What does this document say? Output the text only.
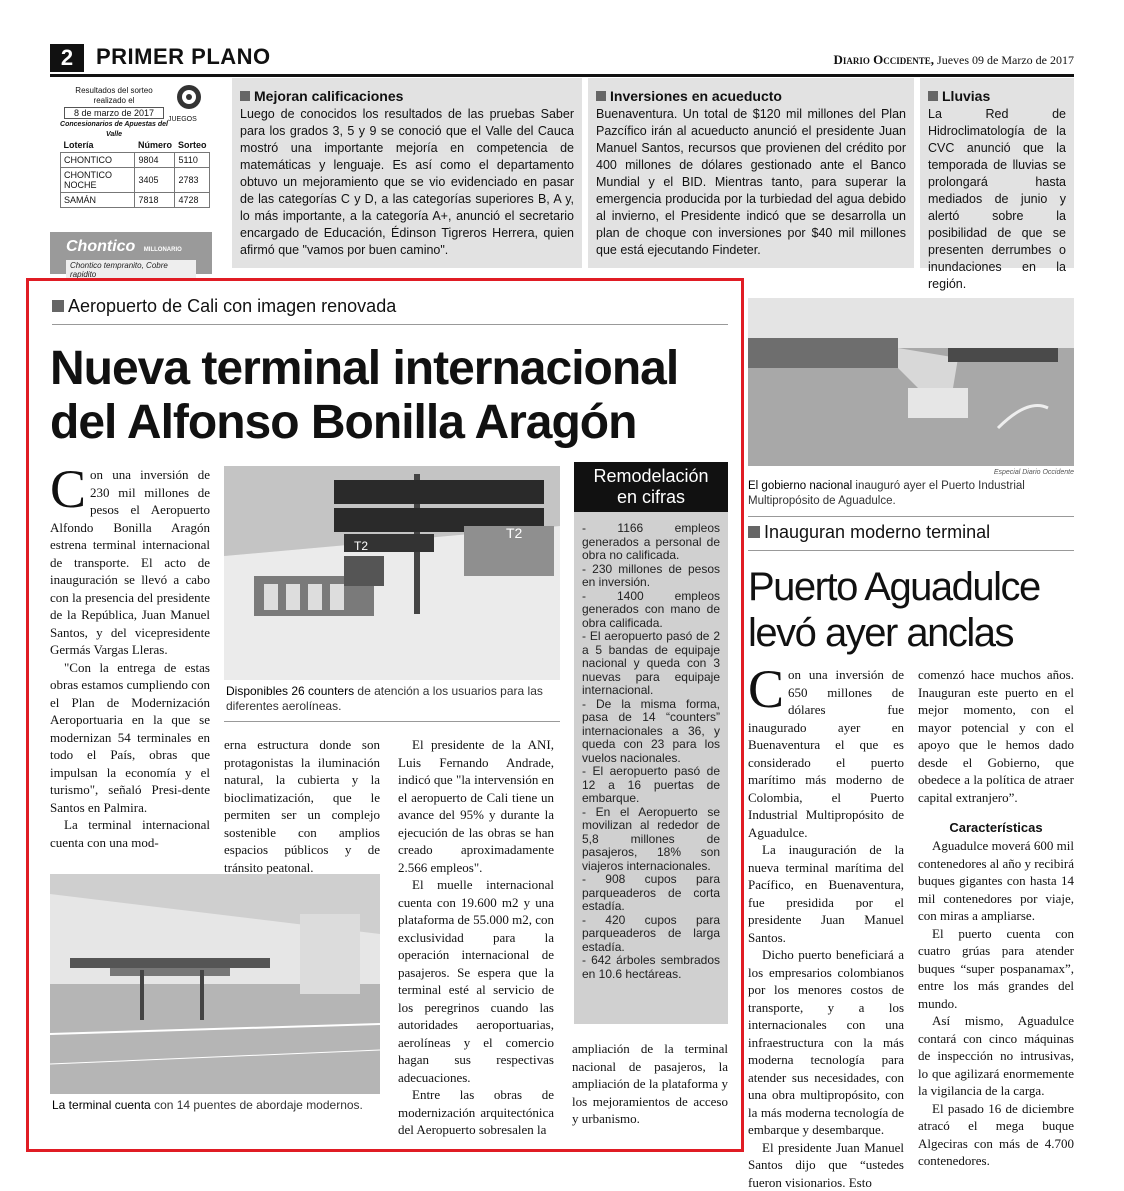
2	PRIMER PLANO	Diario Occidente, Jueves 09 de Marzo de 2017
Resultados del sorteo realizado el
8 de marzo de 2017
Concesionarios de Apuestas del Valle
JUEGOS
Lotería	Número	Sorteo
CHONTICO	9804	5110
CHONTICO NOCHE	3405	2783
SAMÁN	7818	4728
Chontico MILLONARIO
Chontico tempranito, Cobre rapidito
Mejoran calificaciones
Luego de conocidos los resultados de las pruebas Saber para los grados 3, 5 y 9 se conoció que el Valle del Cauca mostró una importante mejoría en competencia de matemáticas y lenguaje. Es así como el departamento obtuvo un mejoramiento que se vio evidenciado en pasar de las categorías C y D, a las categorías superiores B, A y, lo más importante, a la categoría A+, anunció el secretario encargado de Educación, Édinson Tigreros Herrera, quien afirmó que "vamos por buen camino".
Inversiones en acueducto
Buenaventura. Un total de $120 mil millones del Plan Pazcífico irán al acueducto anunció el presidente Juan Manuel Santos, recursos que provienen del crédito por 400 millones de dólares gestionado ante el Banco Mundial y el BID. Mientras tanto, para superar la emergencia producida por la turbiedad del agua debido al invierno, el Presidente indicó que se desarrolla un plan de choque con inversiones por $40 mil millones que está ejecutando Findeter.
Lluvias
La Red de Hidroclimatología de la CVC anunció que la temporada de lluvias se prolongará hasta mediados de junio y alertó sobre la posibilidad de que se presenten derrumbes o inundaciones en la región.
Aeropuerto de Cali con imagen renovada
Nueva terminal internacional
del Alfonso Bonilla Aragón

Con una inversión de 230 mil millones de pesos el Aeropuerto Alfondo Bonilla Aragón estrena terminal internacional de transporte. El acto de inauguración se llevó a cabo con la presencia del presidente de la República, Juan Manuel Santos, y del vicepresidente Germás Vargas Lleras.

"Con la entrega de estas obras estamos cumpliendo con el Plan de Modernización Aeroportuaria en la que se modernizan 54 terminales en todo el País, obras que impulsan la economía y el turismo", señaló Presi-dente Santos en Palmira.

La terminal internacional cuenta con una mod-

T2
T2
Disponibles 26 counters de atención a los usuarios para las diferentes aerolíneas.

erna estructura donde son protagonistas la iluminación natural, la cubierta y la bioclimatización, que le permiten ser un complejo sostenible con amplios espacios públicos y de tránsito peatonal.

La terminal cuenta con 14 puentes de abordaje modernos.

El presidente de la ANI, Luis Fernando Andrade, indicó que "la intervensión en el aeropuerto de Cali tiene un avance del 95% y durante la ejecución de las obras se han creado aproximadamente 2.566 empleos".

El muelle internacional cuenta con 19.600 m2 y una plataforma de 55.000 m2, con exclusividad para la operación internacional de pasajeros. Se espera que la terminal esté al servicio de los peregrinos cuando las autoridades aeroportuarias, aerolíneas y el comercio hagan sus respectivas adecuaciones.

Entre las obras de modernización arquitectónica del Aeropuerto sobresalen la

Remodelación
en cifras
- 1166 empleos generados a personal de obra no calificada.
- 230 millones de pesos en inversión.
- 1400 empleos generados con mano de obra calificada.
- El aeropuerto pasó de 2 a 5 bandas de equipaje nacional y queda con 3 nuevas para equipaje internacional.
- De la misma forma, pasa de 14 “counters” internacionales a 36, y queda con 23 para los vuelos nacionales.
- El aeropuerto pasó de 12 a 16 puertas de embarque.
- En el Aeropuerto se movilizan al rededor de 5,8 millones de pasajeros, 18% son viajeros internacionales.
- 908 cupos para parqueaderos de corta estadía.
- 420 cupos para parqueaderos de larga estadía.
- 642 árboles sembrados en 10.6 hectáreas.

ampliación de la terminal nacional de pasajeros, la ampliación de la plataforma y los mejoramientos de acceso y urbanismo.

Especial Diario Occidente
El gobierno nacional inauguró ayer el Puerto Industrial Multipropósito de Aguadulce.
Inauguran moderno terminal
Puerto Aguadulce
levó ayer anclas

Con una inversión de 650 millones de dólares fue inaugurado ayer en Buenaventura el que es considerado el puerto marítimo más moderno de Colombia, el Puerto Industrial Multipropósito de Aguadulce.

La inauguración de la nueva terminal marítima del Pacífico, en Buenaventura, fue presidida por el presidente Juan Manuel Santos.

Dicho puerto beneficiará a los empresarios colombianos por los menores costos de transporte, y a los internacionales con una infraestructura con la más moderna tecnología para atender sus necesidades, con una obra multipropósito, con la más moderna tecnología de embarque y desembarque.

El presidente Juan Manuel Santos dijo que “ustedes fueron visionarios. Esto

comenzó hace muchos años. Inauguran este puerto en el mejor momento, con el mayor potencial y con el apoyo que le hemos dado desde el Gobierno, que obedece a la política de atraer capital extranjero”.

Características

Aguadulce moverá 600 mil contenedores al año y recibirá buques gigantes con hasta 14 mil contenedores por viaje, con miras a ampliarse.

El puerto cuenta con cuatro grúas para atender buques “super pospanamax”, entre los más grandes del mundo.

Así mismo, Aguadulce contará con cinco máquinas de inspección no intrusivas, lo que agilizará enormemente la vigilancia de la carga.

El pasado 16 de diciembre atracó el mega buque Algeciras con más de 4.700 contenedores.
